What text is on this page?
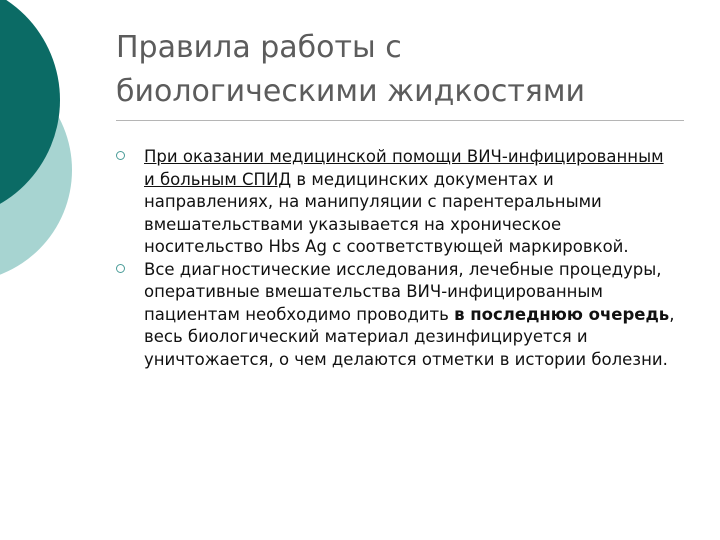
Правила работы с
биологическими жидкостями
При оказании медицинской помощи ВИЧ-инфицированным и больным СПИД в медицинских документах и направлениях, на манипуляции с парентеральными вмешательствами указывается на хроническое носительство Hbs Ag с соответствующей маркировкой.
Все диагностические исследования, лечебные процедуры, оперативные вмешательства ВИЧ-инфицированным пациентам необходимо проводить в последнюю очередь, весь биологический материал дезинфицируется и уничтожается, о чем делаются отметки в истории болезни.
